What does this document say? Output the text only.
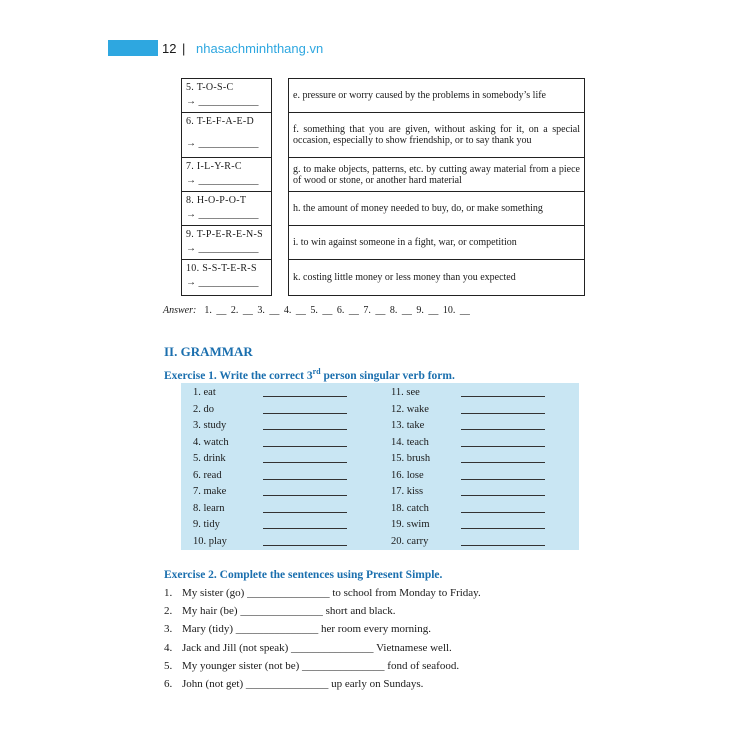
12 | nhasachminhthang.vn
5. T-O-S-C
→ ____________
6. T-E-F-A-E-D
→ ____________
7. I-L-Y-R-C
→ ____________
8. H-O-P-O-T
→ ____________
9. T-P-E-R-E-N-S
→ ____________
10. S-S-T-E-R-S
→ ____________
e. pressure or worry caused by the problems in somebody’s life
f. something that you are given, without asking for it, on a special occasion, especially to show friendship, or to say thank you
g. to make objects, patterns, etc. by cutting away material from a piece of wood or stone, or another hard material
h. the amount of money needed to buy, do, or make something
i. to win against someone in a fight, war, or competition
k. costing little money or less money than you expected
Answer: 1. __ 2. __ 3. __ 4. __ 5. __ 6. __ 7. __ 8. __ 9. __ 10. __
II. GRAMMAR
Exercise 1. Write the correct 3rd person singular verb form.
1. eat
2. do
3. study
4. watch
5. drink
6. read
7. make
8. learn
9. tidy
10. play
11. see
12. wake
13. take
14. teach
15. brush
16. lose
17. kiss
18. catch
19. swim
20. carry
Exercise 2. Complete the sentences using Present Simple.
1. My sister (go) _______________ to school from Monday to Friday.
2. My hair (be) _______________ short and black.
3. Mary (tidy) _______________ her room every morning.
4. Jack and Jill (not speak) _______________ Vietnamese well.
5. My younger sister (not be) _______________ fond of seafood.
6. John (not get) _______________ up early on Sundays.
